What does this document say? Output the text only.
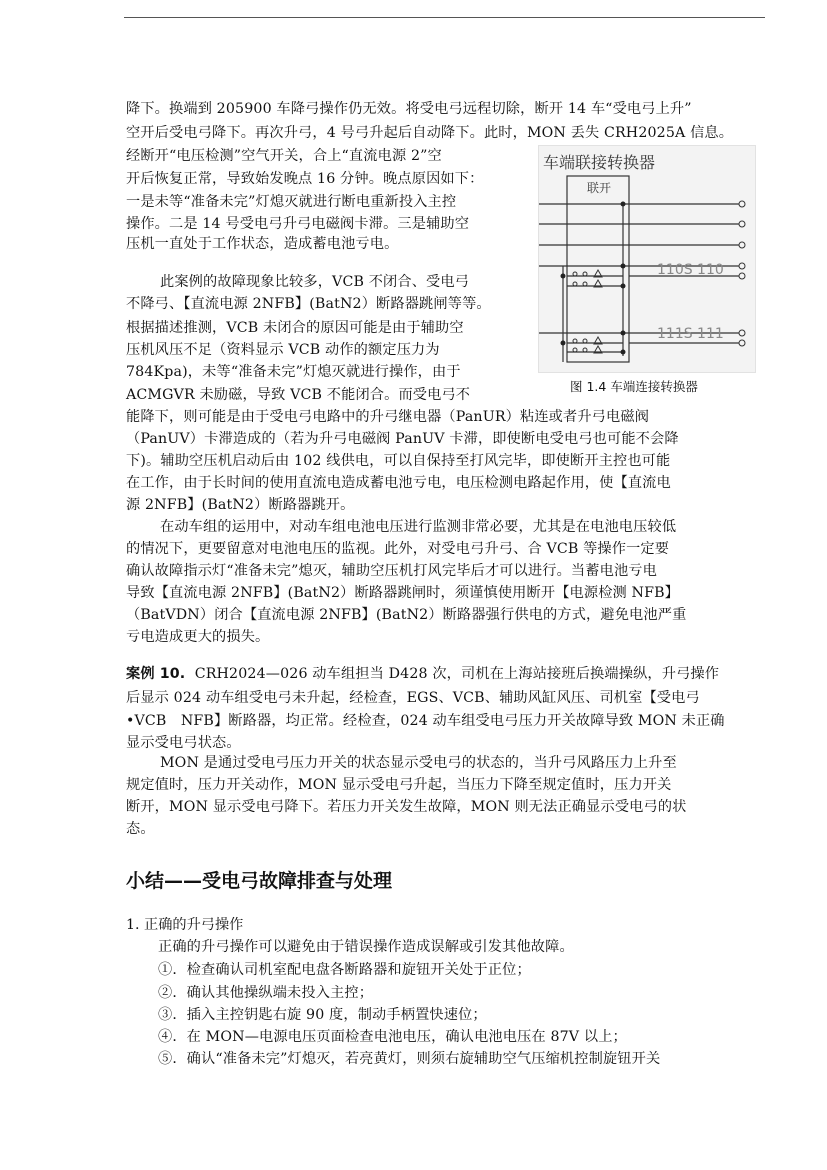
降下。换端到 205900 车降弓操作仍无效。将受电弓远程切除，断开 14 车“受电弓上升”
空开后受电弓降下。再次升弓，4 号弓升起后自动降下。此时，MON 丢失 CRH2025A 信息。
经断开“电压检测”空气开关，合上“直流电源 2”空
开后恢复正常，导致始发晚点 16 分钟。晚点原因如下：
一是未等“准备未完”灯熄灭就进行断电重新投入主控
操作。二是 14 号受电弓升弓电磁阀卡滞。三是辅助空
压机一直处于工作状态，造成蓄电池亏电。
此案例的故障现象比较多，VCB 不闭合、受电弓
不降弓、【直流电源 2NFB】(BatN2）断路器跳闸等等。
根据描述推测，VCB 未闭合的原因可能是由于辅助空
压机风压不足（资料显示 VCB 动作的额定压力为
784Kpa)，未等“准备未完”灯熄灭就进行操作，由于
ACMGVR 未励磁，导致 VCB 不能闭合。而受电弓不
能降下，则可能是由于受电弓电路中的升弓继电器（PanUR）粘连或者升弓电磁阀
（PanUV）卡滞造成的（若为升弓电磁阀 PanUV 卡滞，即使断电受电弓也可能不会降
下)。辅助空压机启动后由 102 线供电，可以自保持至打风完毕，即使断开主控也可能
在工作，由于长时间的使用直流电造成蓄电池亏电，电压检测电路起作用，使【直流电
源 2NFB】(BatN2）断路器跳开。
在动车组的运用中，对动车组电池电压进行监测非常必要，尤其是在电池电压较低
的情况下，更要留意对电池电压的监视。此外，对受电弓升弓、合 VCB 等操作一定要
确认故障指示灯“准备未完”熄灭，辅助空压机打风完毕后才可以进行。当蓄电池亏电
导致【直流电源 2NFB】(BatN2）断路器跳闸时，须谨慎使用断开【电源检测 NFB】
（BatVDN）闭合【直流电源 2NFB】(BatN2）断路器强行供电的方式，避免电池严重
亏电造成更大的损失。
案例 10. CRH2024—026 动车组担当 D428 次，司机在上海站接班后换端操纵，升弓操作
后显示 024 动车组受电弓未升起，经检查，EGS、VCB、辅助风缸风压、司机室【受电弓
•VCB　NFB】断路器，均正常。经检查，024 动车组受电弓压力开关故障导致 MON 未正确
显示受电弓状态。
MON 是通过受电弓压力开关的状态显示受电弓的状态的，当升弓风路压力上升至
规定值时，压力开关动作，MON 显示受电弓升起，当压力下降至规定值时，压力开关
断开，MON 显示受电弓降下。若压力开关发生故障，MON 则无法正确显示受电弓的状
态。
小结——受电弓故障排查与处理
1. 正确的升弓操作
正确的升弓操作可以避免由于错误操作造成误解或引发其他故障。
①．检查确认司机室配电盘各断路器和旋钮开关处于正位；
②．确认其他操纵端未投入主控；
③．插入主控钥匙右旋 90 度，制动手柄置快速位；
④．在 MON—电源电压页面检查电池电压，确认电池电压在 87V 以上；
⑤．确认“准备未完”灯熄灭，若亮黄灯，则须右旋辅助空气压缩机控制旋钮开关
车端联接转换器
联开
110S 110
111S 111
图 1.4 车端连接转换器
